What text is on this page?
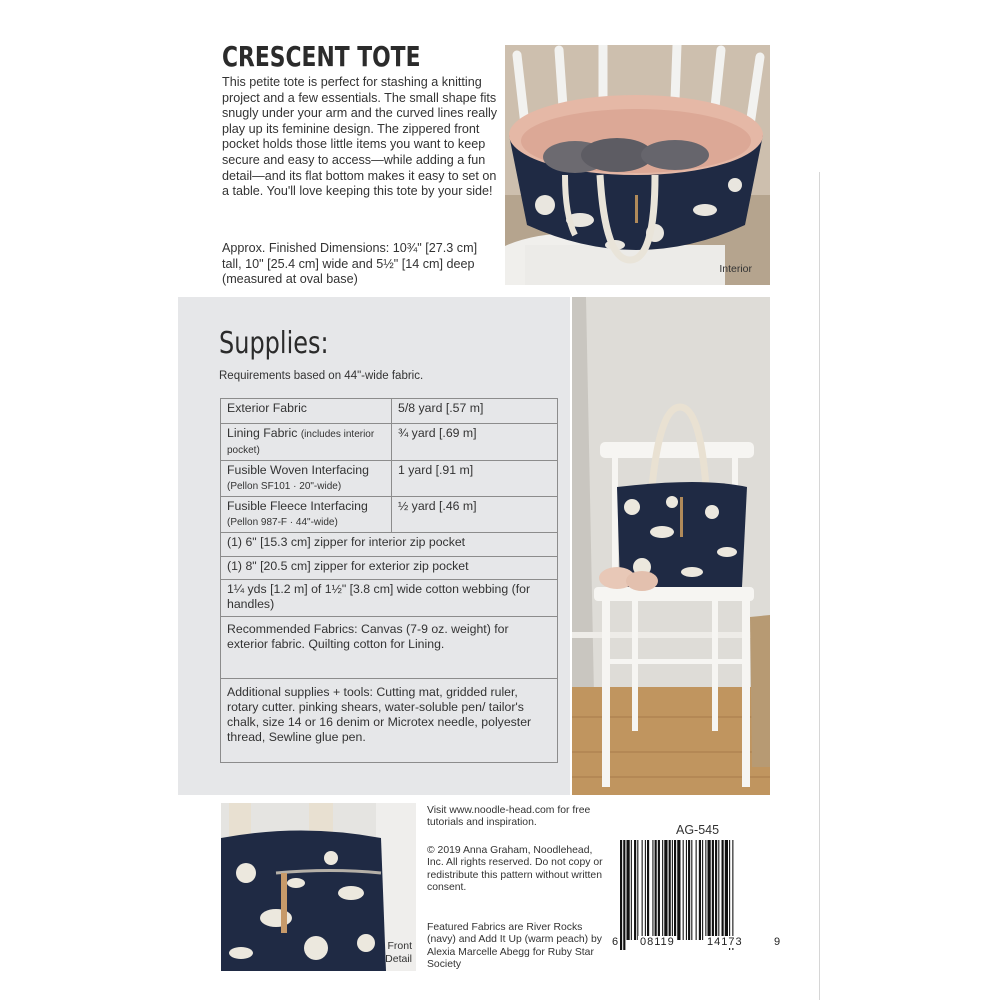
CRESCENT TOTE
This petite tote is perfect for stashing a knitting project and a few essentials. The small shape fits snugly under your arm and the curved lines really play up its feminine design. The zippered front pocket holds those little items you want to keep secure and easy to access—while adding a fun detail—and its flat bottom makes it easy to set on a table. You'll love keeping this tote by your side!
Approx. Finished Dimensions: 10¾" [27.3 cm] tall, 10" [25.4 cm] wide and 5½" [14 cm] deep (measured at oval base)
Interior
Supplies:
Requirements based on 44"-wide fabric.
Exterior Fabric	5/8 yard [.57 m]
Lining Fabric (includes interior pocket)	¾ yard [.69 m]
Fusible Woven Interfacing
(Pellon SF101 · 20"-wide)	1 yard [.91 m]
Fusible Fleece Interfacing
(Pellon 987-F · 44"-wide)	½ yard [.46 m]
(1) 6" [15.3 cm] zipper for interior zip pocket	
(1) 8" [20.5 cm] zipper for exterior zip pocket	
1¼ yds [1.2 m] of 1½" [3.8 cm] wide cotton webbing (for handles)	
Recommended Fabrics: Canvas (7-9 oz. weight) for exterior fabric. Quilting cotton for Lining.	
Additional supplies + tools: Cutting mat, gridded ruler, rotary cutter. pinking shears, water-soluble pen/ tailor's chalk, size 14 or 16 denim or Microtex needle, polyester thread, Sewline glue pen.	
Front
Detail
Visit www.noodle-head.com for free tutorials and inspiration.
© 2019 Anna Graham, Noodlehead, Inc. All rights reserved. Do not copy or redistribute this pattern without written consent.
Featured Fabrics are River Rocks (navy) and Add It Up (warm peach) by Alexia Marcelle Abegg for Ruby Star Society
AG-545
6 08119	14173	9
